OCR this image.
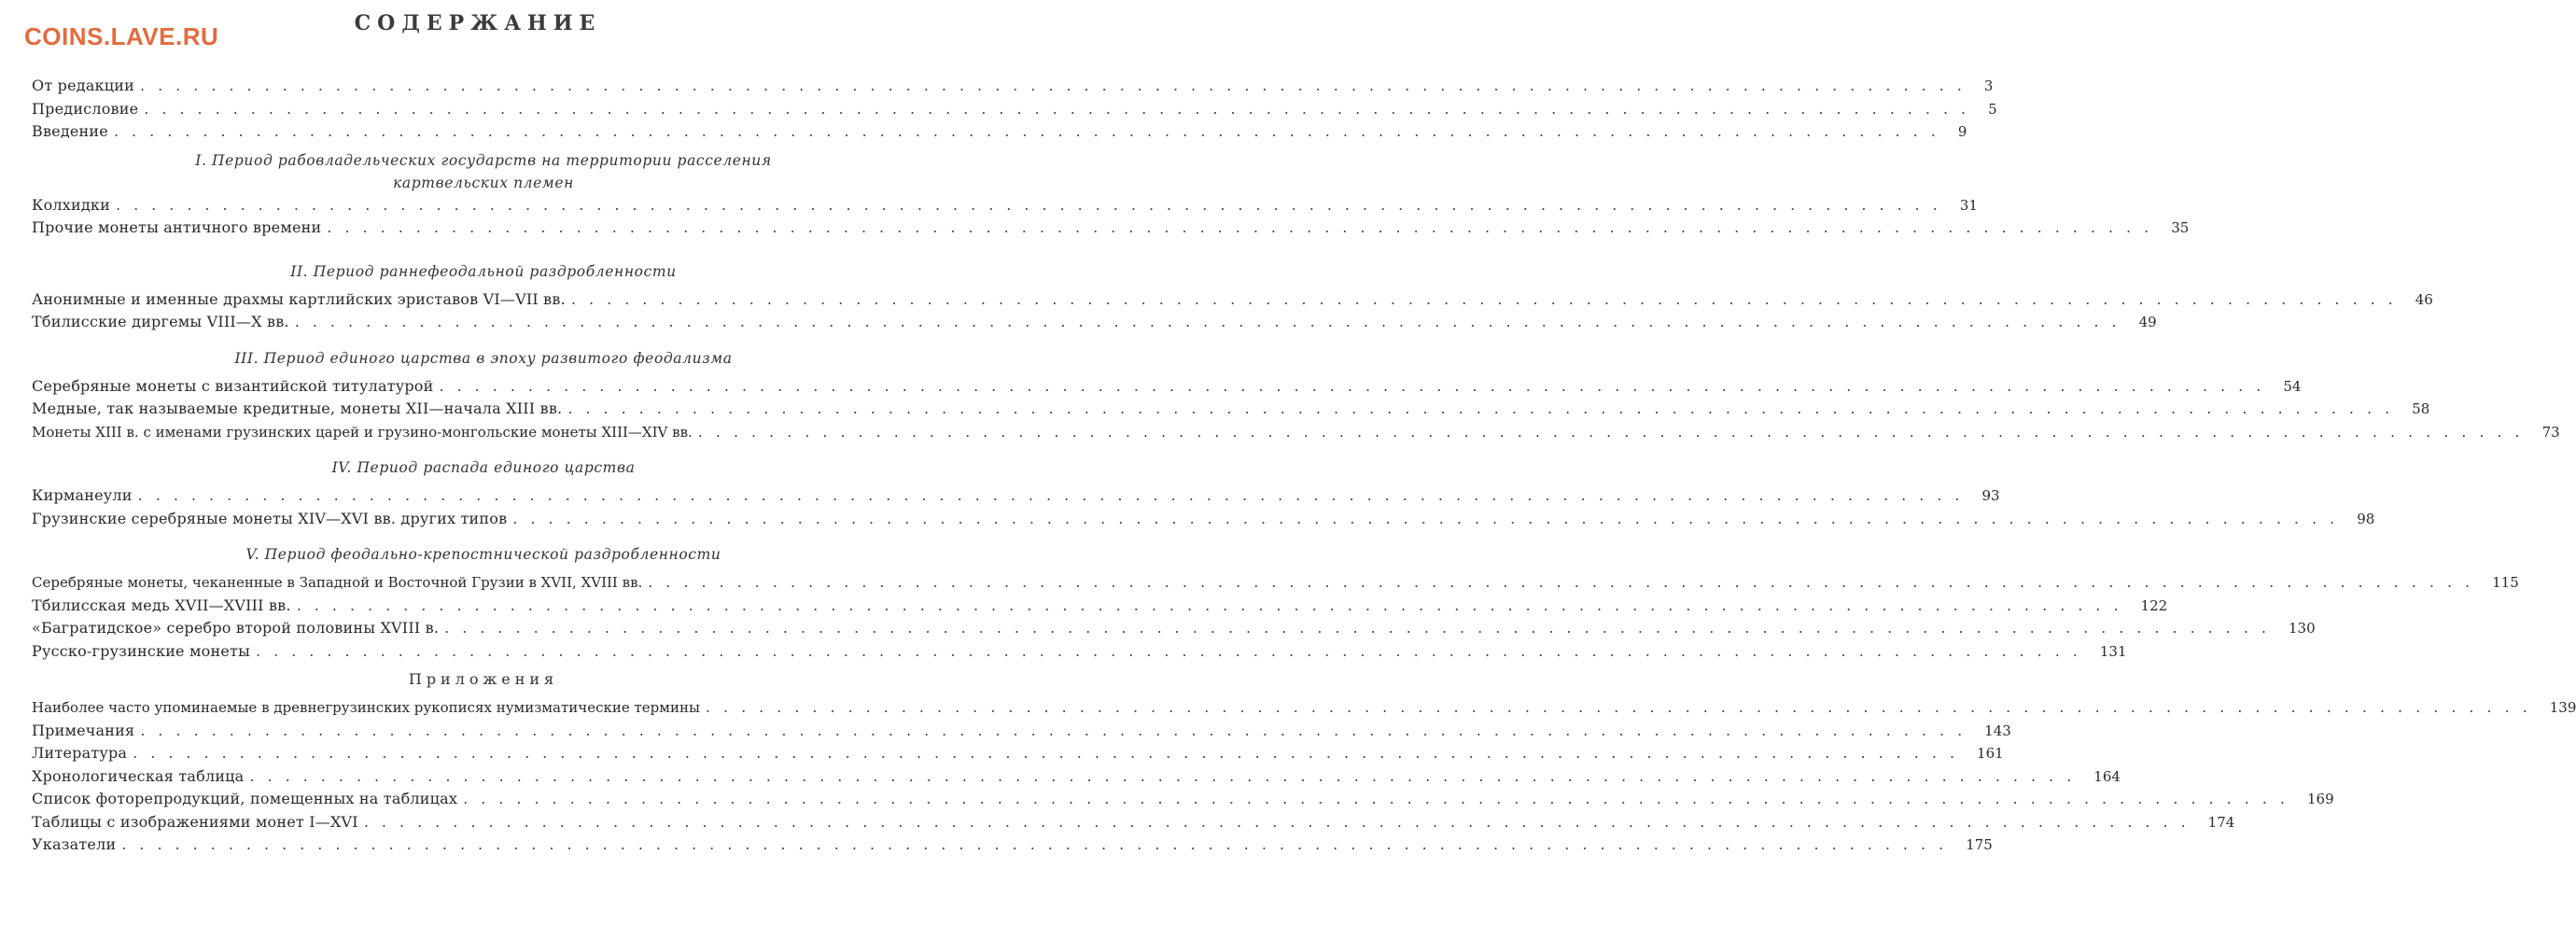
COINS.LAVE.RU	СОДЕРЖАНИЕ
От редакции ....................................................................................................... 3
Предисловие ....................................................................................................... 5
Введение ....................................................................................................... 9
I. Период рабовладельческих государств на территории расселения
картвельских племен
Колхидки ....................................................................................................... 31
Прочие монеты античного времени ....................................................................................................... 35
II. Период раннефеодальной раздробленности
Анонимные и именные драхмы картлийских эриставов VI—VII вв. ....................................................................................................... 46
Тбилисские диргемы VIII—X вв. ....................................................................................................... 49
III. Период единого царства в эпоху развитого феодализма
Серебряные монеты с византийской титулатурой ....................................................................................................... 54
Медные, так называемые кредитные, монеты XII—начала XIII вв. ....................................................................................................... 58
Монеты XIII в. с именами грузинских царей и грузино-монгольские монеты XIII—XIV вв. ....................................................................................................... 73
IV. Период распада единого царства
Кирманеули ....................................................................................................... 93
Грузинские серебряные монеты XIV—XVI вв. других типов ....................................................................................................... 98
V. Период феодально-крепостнической раздробленности
Серебряные монеты, чеканенные в Западной и Восточной Грузии в XVII, XVIII вв. ....................................................................................................... 115
Тбилисская медь XVII—XVIII вв. ....................................................................................................... 122
«Багратидское» серебро второй половины XVIII в. ....................................................................................................... 130
Русско-грузинские монеты ....................................................................................................... 131
Приложения
Наиболее часто упоминаемые в древнегрузинских рукописях нумизматические термины ....................................................................................................... 139
Примечания ....................................................................................................... 143
Литература ....................................................................................................... 161
Хронологическая таблица ....................................................................................................... 164
Список фоторепродукций, помещенных на таблицах ....................................................................................................... 169
Таблицы с изображениями монет I—XVI ....................................................................................................... 174
Указатели ....................................................................................................... 175
